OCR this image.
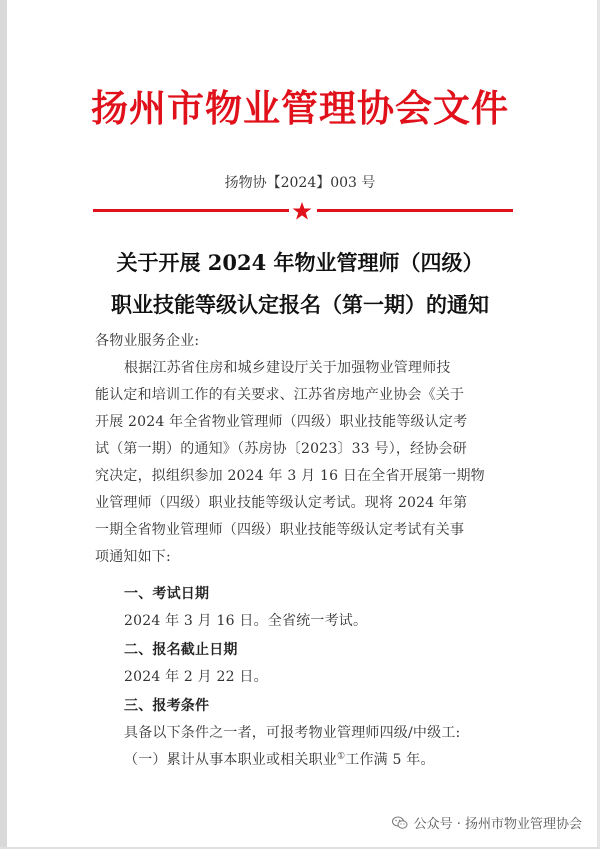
扬州市物业管理协会文件
扬物协【2024】003 号
关于开展 2024 年物业管理师（四级）
职业技能等级认定报名（第一期）的通知
各物业服务企业:
根据江苏省住房和城乡建设厅关于加强物业管理师技
能认定和培训工作的有关要求、江苏省房地产业协会《关于
开展 2024 年全省物业管理师（四级）职业技能等级认定考
试（第一期）的通知》（苏房协〔2023〕33 号），经协会研
究决定，拟组织参加 2024 年 3 月 16 日在全省开展第一期物
业管理师（四级）职业技能等级认定考试。现将 2024 年第
一期全省物业管理师（四级）职业技能等级认定考试有关事
项通知如下:
一、考试日期
2024 年 3 月 16 日。全省统一考试。
二、报名截止日期
2024 年 2 月 22 日。
三、报考条件
具备以下条件之一者，可报考物业管理师四级/中级工:
（一）累计从事本职业或相关职业①工作满 5 年。
公众号 · 扬州市物业管理协会
